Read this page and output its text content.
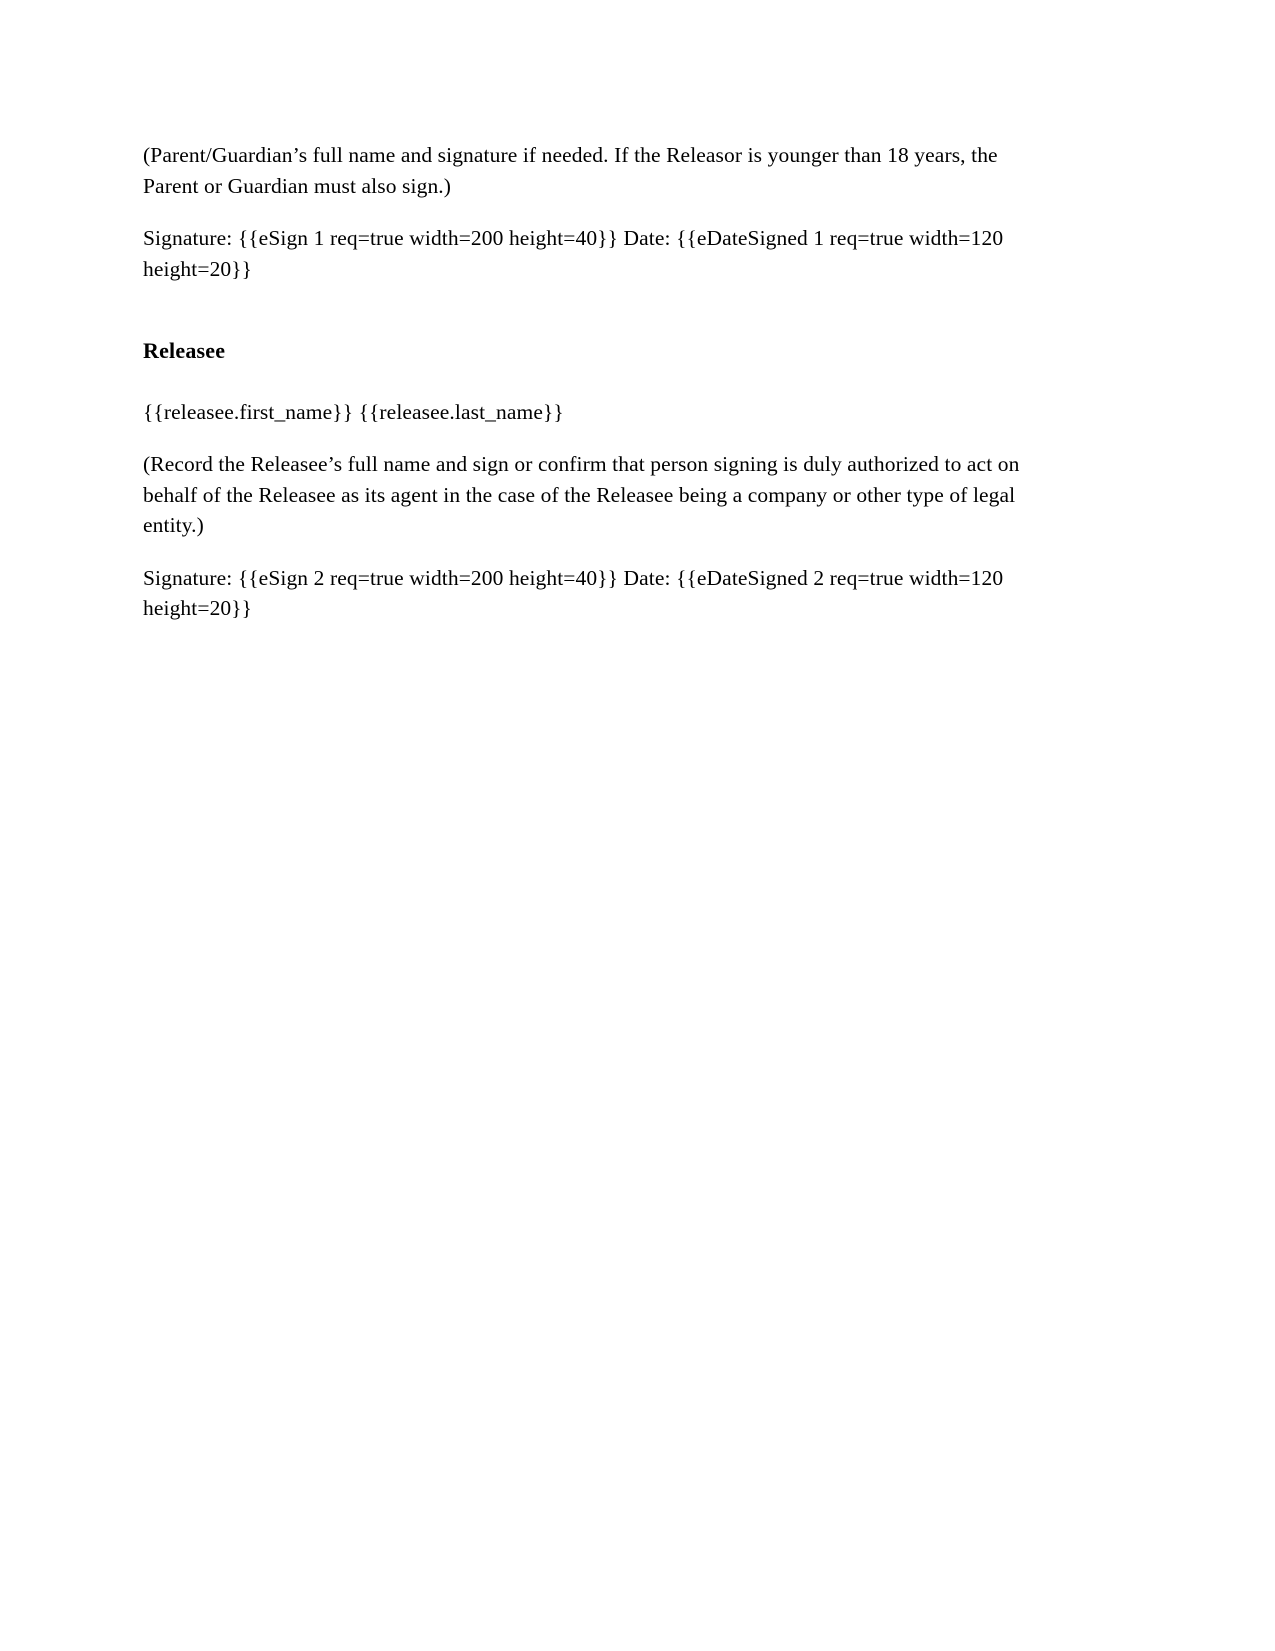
(Parent/Guardian’s full name and signature if needed. If the Releasor is younger than 18 years, the Parent or Guardian must also sign.)

Signature: {{eSign 1 req=true width=200 height=40}} Date: {{eDateSigned 1 req=true width=120 height=20}}

Releasee

{{releasee.first_name}} {{releasee.last_name}}

(Record the Releasee’s full name and sign or confirm that person signing is duly authorized to act on behalf of the Releasee as its agent in the case of the Releasee being a company or other type of legal entity.)

Signature: {{eSign 2 req=true width=200 height=40}} Date: {{eDateSigned 2 req=true width=120 height=20}}
